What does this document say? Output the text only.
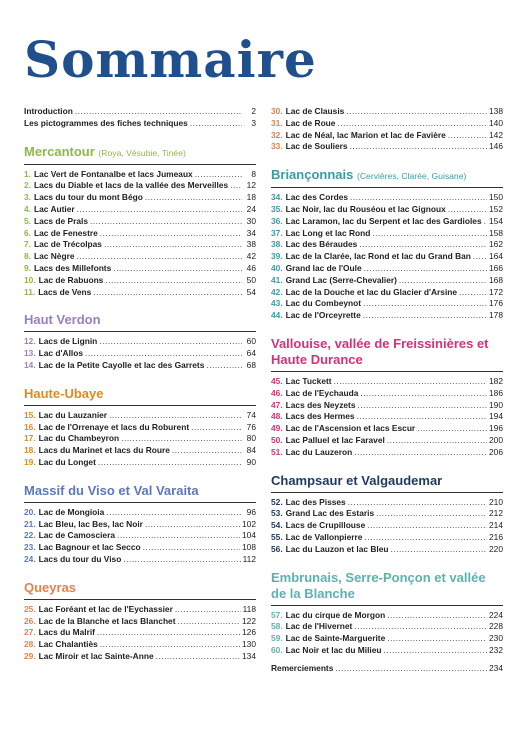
Sommaire
Introduction .....	2
Les pictogrammes des fiches techniques .....	3
Mercantour (Roya, Vésubie, Tinée)
1. Lac Vert de Fontanalbe et lacs Jumeaux .....	8
2. Lacs du Diable et lacs de la vallée des Merveilles .....	12
3. Lacs du tour du mont Bégo .....	18
4. Lac Autier .....	24
5. Lacs de Prals .....	30
6. Lac de Fenestre .....	34
7. Lac de Trécolpas .....	38
8. Lac Nègre .....	42
9. Lacs des Millefonts .....	46
10. Lac de Rabuons .....	50
11. Lacs de Vens .....	54
Haut Verdon
12. Lacs de Lignin .....	60
13. Lac d'Allos .....	64
14. Lac de la Petite Cayolle et lac des Garrets .....	68
Haute-Ubaye
15. Lac du Lauzanier .....	74
16. Lac de l'Orrenaye et lacs du Roburent .....	76
17. Lac du Chambeyron .....	80
18. Lacs du Marinet et lacs du Roure .....	84
19. Lac du Longet .....	90
Massif du Viso et Val Varaita
20. Lac de Mongioia .....	96
21. Lac Bleu, lac Bes, lac Noir .....	102
22. Lac de Camosciera .....	104
23. Lac Bagnour et lac Secco .....	108
24. Lacs du tour du Viso .....	112
Queyras
25. Lac Foréant et lac de l'Eychassier .....	118
26. Lac de la Blanche et lacs Blanchet .....	122
27. Lacs du Malrif .....	126
28. Lac Chalantiès .....	130
29. Lac Miroir et lac Sainte-Anne .....	134
30. Lac de Clausis .....	138
31. Lac de Roue .....	140
32. Lac de Néal, lac Marion et lac de Favière .....	142
33. Lac de Souliers .....	146
Briançonnais (Cervières, Clarée, Guisane)
34. Lac des Cordes .....	150
35. Lac Noir, lac du Rouséou et lac Gignoux .....	152
36. Lac Laramon, lac du Serpent et lac des Gardioles ..... 154
37. Lac Long et lac Rond .....	158
38. Lac des Béraudes .....	162
39. Lac de la Clarée, lac Rond et lac du Grand Ban ..... 164
40. Grand lac de l'Oule .....	166
41. Grand Lac (Serre-Chevalier) .....	168
42. Lac de la Douche et lac du Glacier d'Arsine .....	172
43. Lac du Combeynot .....	176
44. Lac de l'Orceyrette .....	178
Vallouise, vallée de Freissinières et Haute Durance
45. Lac Tuckett .....	182
46. Lac de l'Eychauda .....	186
47. Lacs des Neyzets .....	190
48. Lacs des Hermes .....	194
49. Lac de l'Ascension et lacs Escur .....	196
50. Lac Palluel et lac Faravel .....	200
51. Lac du Lauzeron .....	206
Champsaur et Valgaudemar
52. Lac des Pisses .....	210
53. Grand Lac des Estaris .....	212
54. Lacs de Crupillouse .....	214
55. Lac de Vallonpierre .....	216
56. Lac du Lauzon et lac Bleu .....	220
Embrunais, Serre-Ponçon et vallée de la Blanche
57. Lac du cirque de Morgon .....	224
58. Lac de l'Hivernet .....	228
59. Lac de Sainte-Marguerite .....	230
60. Lac Noir et lac du Milieu .....	232
Remerciements .....	234
